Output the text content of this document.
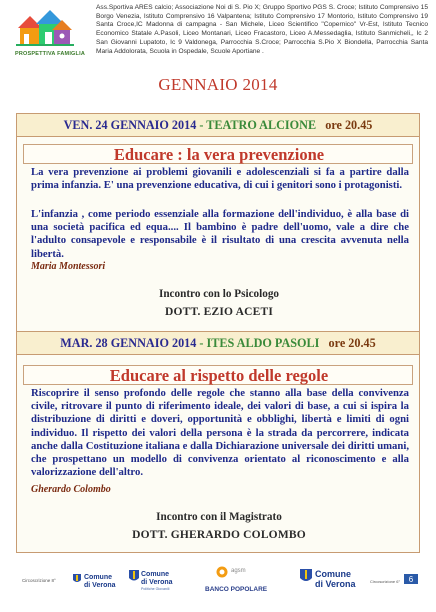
PROSPETTIVA FAMIGLIA
Ass.Sportiva ARES calcio; Associazione Noi di S. Pio X; Gruppo Sportivo PGS S. Croce; Istituto Comprensivo 15 Borgo Venezia, Istituto Comprensivo 16 Valpantena; Istituto Comprensivo 17 Montorio, Istituto Comprensivo 19 Santa Croce,IC Madonna di campagna - San Michele, Liceo Scientifico "Copernico" Vr-Est, Istituto Tecnico Economico Statale A.Pasoli, Liceo Montanari, Liceo Fracastoro, Liceo A.Messedaglia, Istituto Sanmicheli,, Ic 2 San Giovanni Lupatoto, Ic 9 Valdonega, Parrocchia S.Croce; Parrocchia S.Pio X Biondella, Parrocchia Santa Maria Addolorata, Scuola in Ospedale, Scuole Aportiane .
GENNAIO 2014
VEN. 24 GENNAIO 2014 - TEATRO ALCIONE ore 20.45
Educare : la vera prevenzione

La vera prevenzione ai problemi giovanili e adolescenziali si fa a partire dalla prima infanzia. E' una prevenzione educativa, di cui i genitori sono i protagonisti.

L'infanzia , come periodo essenziale alla formazione dell'individuo, è alla base di una società pacifica ed equa.... Il bambino è padre dell'uomo, vale a dire che l'adulto consapevole e responsabile è il risultato di una crescita avvenuta nella libertà.

Maria Montessori
Incontro con lo Psicologo
DOTT. EZIO ACETI
MAR. 28 GENNAIO 2014 - ITES ALDO PASOLI ore 20.45
Educare al rispetto delle regole

Riscoprire il senso profondo delle regole che stanno alla base della convivenza civile, ritrovare il punto di riferimento ideale, dei valori di base, a cui si ispira la distribuzione di diritti e doveri, opportunità e obblighi, libertà e limiti di ogni individuo. Il rispetto dei valori della persona è la strada da percorrere, indicata anche dalla Costituzione italiana e dalla Dichiarazione universale dei diritti umani, che prospettano un modello di convivenza orientato al riconoscimento e alla valorizzazione dell'altro.

Gherardo Colombo
Incontro con il Magistrato
DOTT. GHERARDO COLOMBO
Circoscrizione 8°	Comune
di Verona
Comune
di Verona
Politiche Giovanili
agsm
BANCO POPOLARE
Comune
di Verona	Circoscrizione 6° 6
